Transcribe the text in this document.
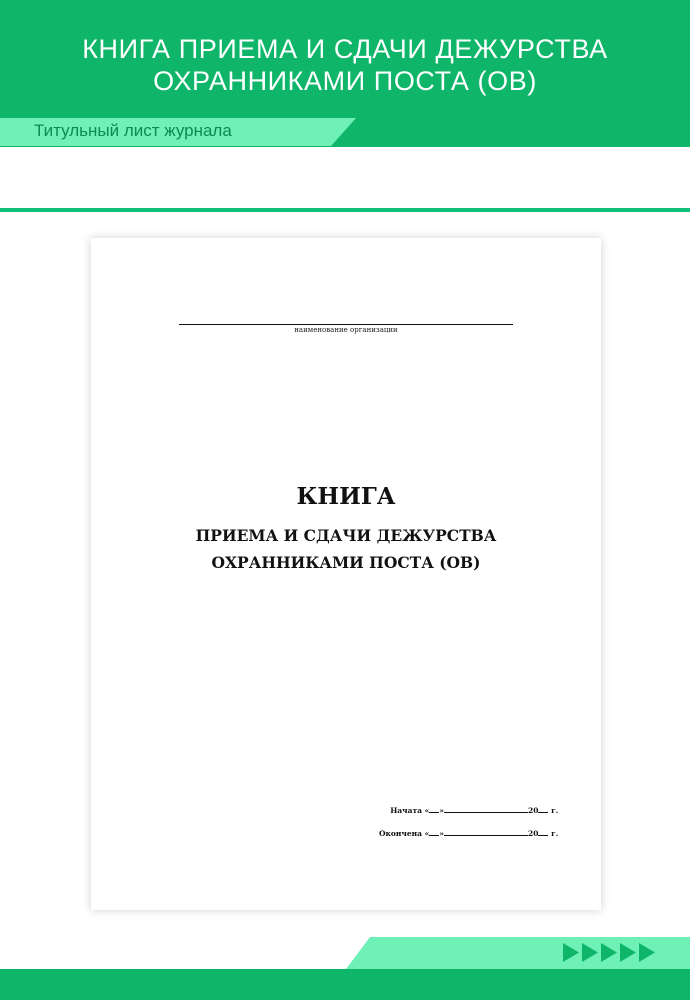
КНИГА ПРИЕМА И СДАЧИ ДЕЖУРСТВА
ОХРАННИКАМИ ПОСТА (ОВ)
Титульный лист журнала
наименование организации
КНИГА
ПРИЕМА И СДАЧИ ДЕЖУРСТВА
ОХРАННИКАМИ ПОСТА (ОВ)
Начата « »	20 г.
Окончена « »	20 г.
